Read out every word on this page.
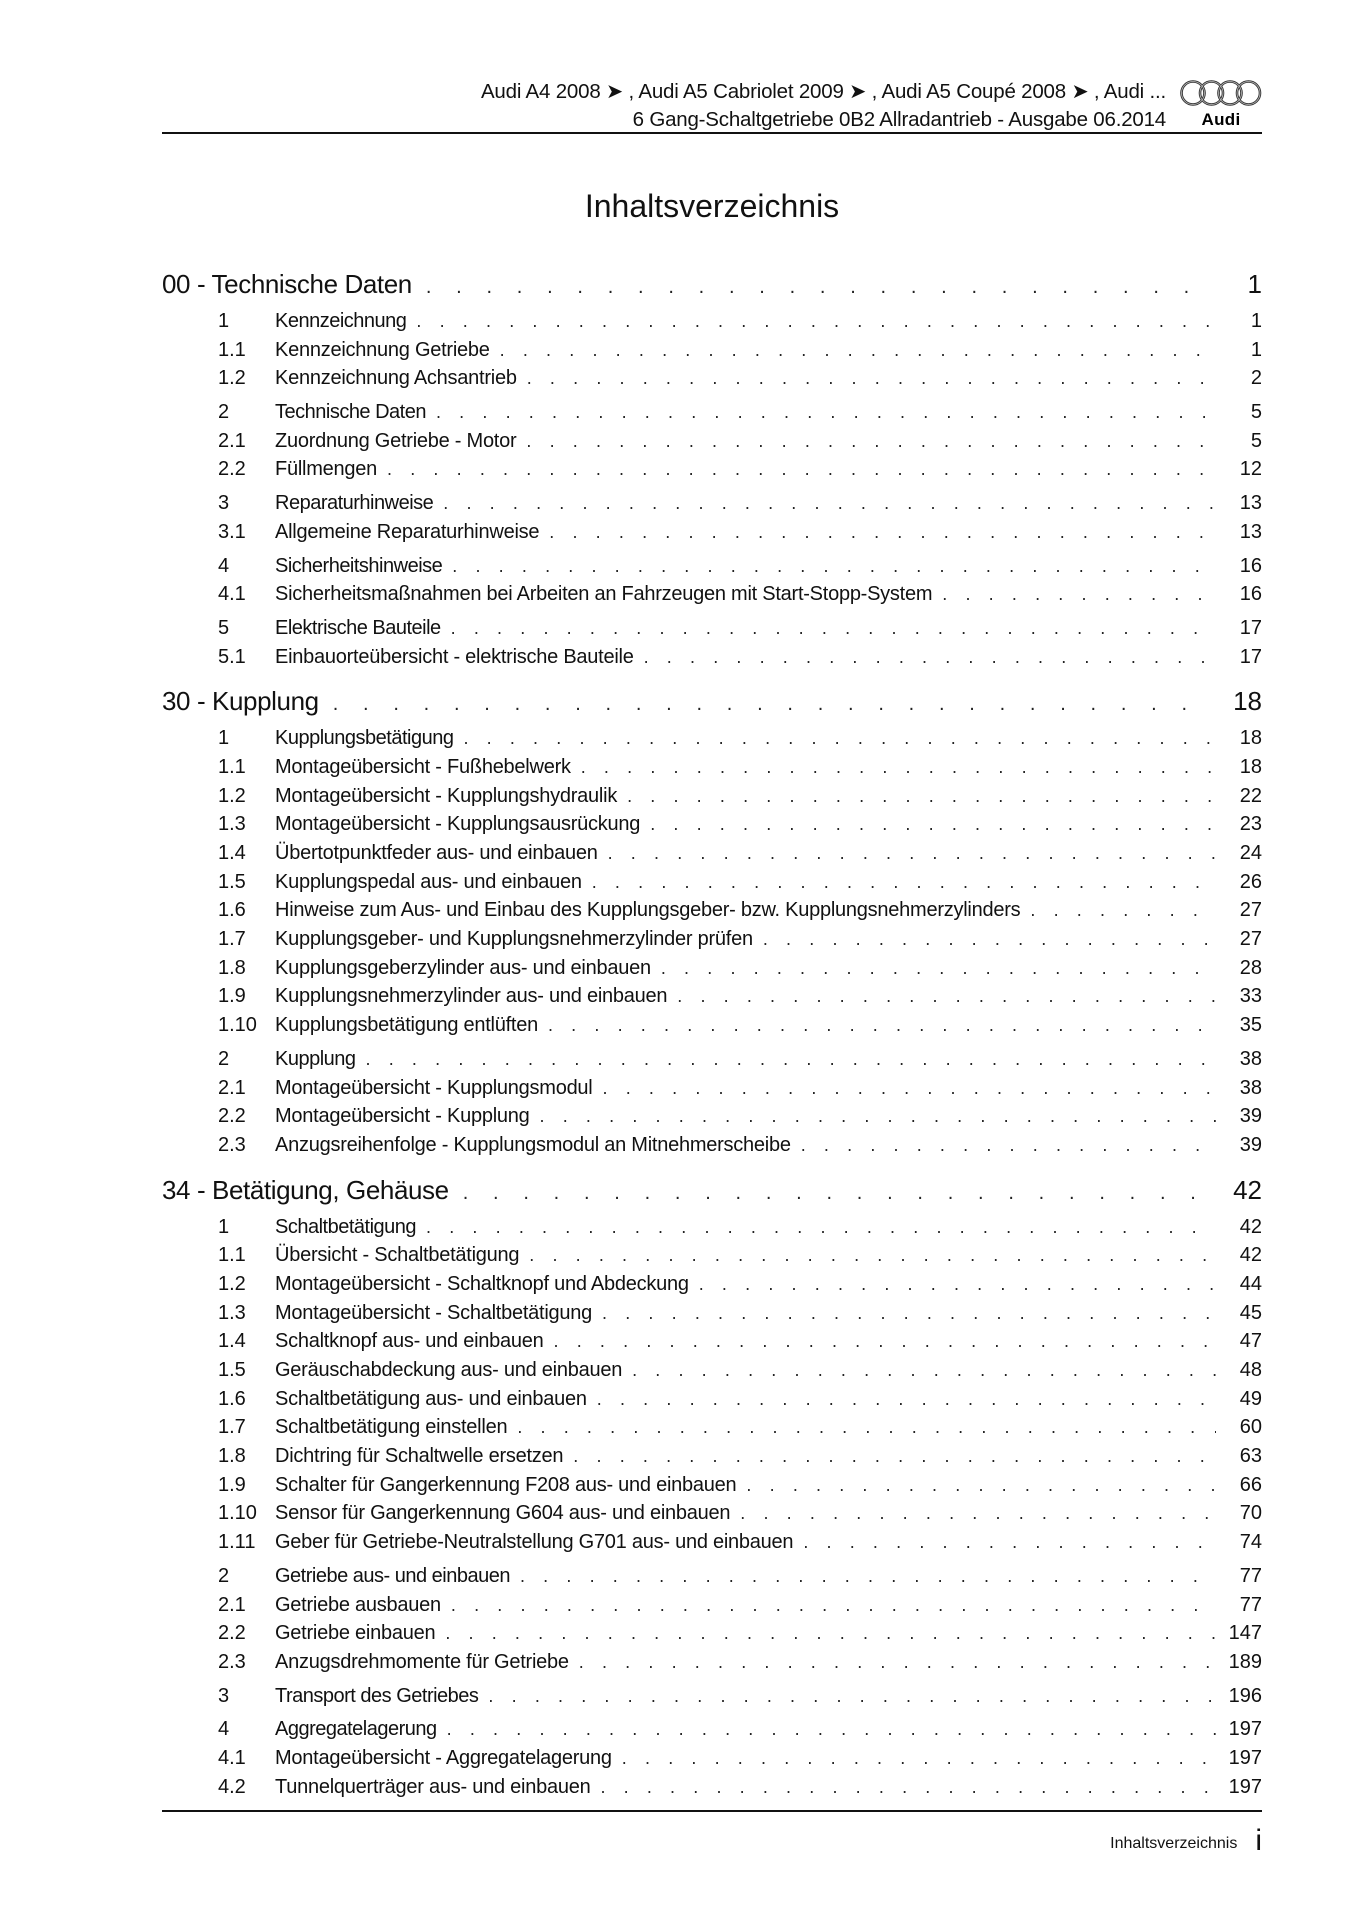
Audi A4 2008 ➤ , Audi A5 Cabriolet 2009 ➤ , Audi A5 Coupé 2008 ➤ , Audi ...
6 Gang-Schaltgetriebe 0B2 Allradantrieb - Ausgabe 06.2014	Audi
Inhaltsverzeichnis
00 - Technische Daten . . .	1
1	Kennzeichnung . . .	1
1.1	Kennzeichnung Getriebe . . .	1
1.2	Kennzeichnung Achsantrieb . . .	2
2	Technische Daten . . .	5
2.1	Zuordnung Getriebe - Motor . . .	5
2.2	Füllmengen . . .	12
3	Reparaturhinweise . . .	13
3.1	Allgemeine Reparaturhinweise . . .	13
4	Sicherheitshinweise . . .	16
4.1	Sicherheitsmaßnahmen bei Arbeiten an Fahrzeugen mit Start-Stopp-System . . .	16
5	Elektrische Bauteile . . .	17
5.1	Einbauorteübersicht - elektrische Bauteile . . .	17
30 - Kupplung . . .	18
1	Kupplungsbetätigung . . .	18
1.1	Montageübersicht - Fußhebelwerk . . .	18
1.2	Montageübersicht - Kupplungshydraulik . . .	22
1.3	Montageübersicht - Kupplungsausrückung . . .	23
1.4	Übertotpunktfeder aus- und einbauen . . .	24
1.5	Kupplungspedal aus- und einbauen . . .	26
1.6	Hinweise zum Aus- und Einbau des Kupplungsgeber- bzw. Kupplungsnehmerzylinders . . .	27
1.7	Kupplungsgeber- und Kupplungsnehmerzylinder prüfen . . .	27
1.8	Kupplungsgeberzylinder aus- und einbauen . . .	28
1.9	Kupplungsnehmerzylinder aus- und einbauen . . .	33
1.10 Kupplungsbetätigung entlüften . . .	35
2	Kupplung . . .	38
2.1	Montageübersicht - Kupplungsmodul . . .	38
2.2	Montageübersicht - Kupplung . . .	39
2.3	Anzugsreihenfolge - Kupplungsmodul an Mitnehmerscheibe . . .	39
34 - Betätigung, Gehäuse . . .	42
1	Schaltbetätigung . . .	42
1.1	Übersicht - Schaltbetätigung . . .	42
1.2	Montageübersicht - Schaltknopf und Abdeckung . . .	44
1.3	Montageübersicht - Schaltbetätigung . . .	45
1.4	Schaltknopf aus- und einbauen . . .	47
1.5	Geräuschabdeckung aus- und einbauen . . .	48
1.6	Schaltbetätigung aus- und einbauen . . .	49
1.7	Schaltbetätigung einstellen . . .	60
1.8	Dichtring für Schaltwelle ersetzen . . .	63
1.9	Schalter für Gangerkennung F208 aus- und einbauen . . .	66
1.10 Sensor für Gangerkennung G604 aus- und einbauen . . .	70
1.11 Geber für Getriebe-Neutralstellung G701 aus- und einbauen . . .	74
2	Getriebe aus- und einbauen . . .	77
2.1	Getriebe ausbauen . . .	77
2.2	Getriebe einbauen . . .	147
2.3	Anzugsdrehmomente für Getriebe . . .	189
3	Transport des Getriebes . . .	196
4	Aggregatelagerung . . .	197
4.1	Montageübersicht - Aggregatelagerung . . .	197
4.2	Tunnelquerträger aus- und einbauen . . .	197
Inhaltsverzeichnis i
